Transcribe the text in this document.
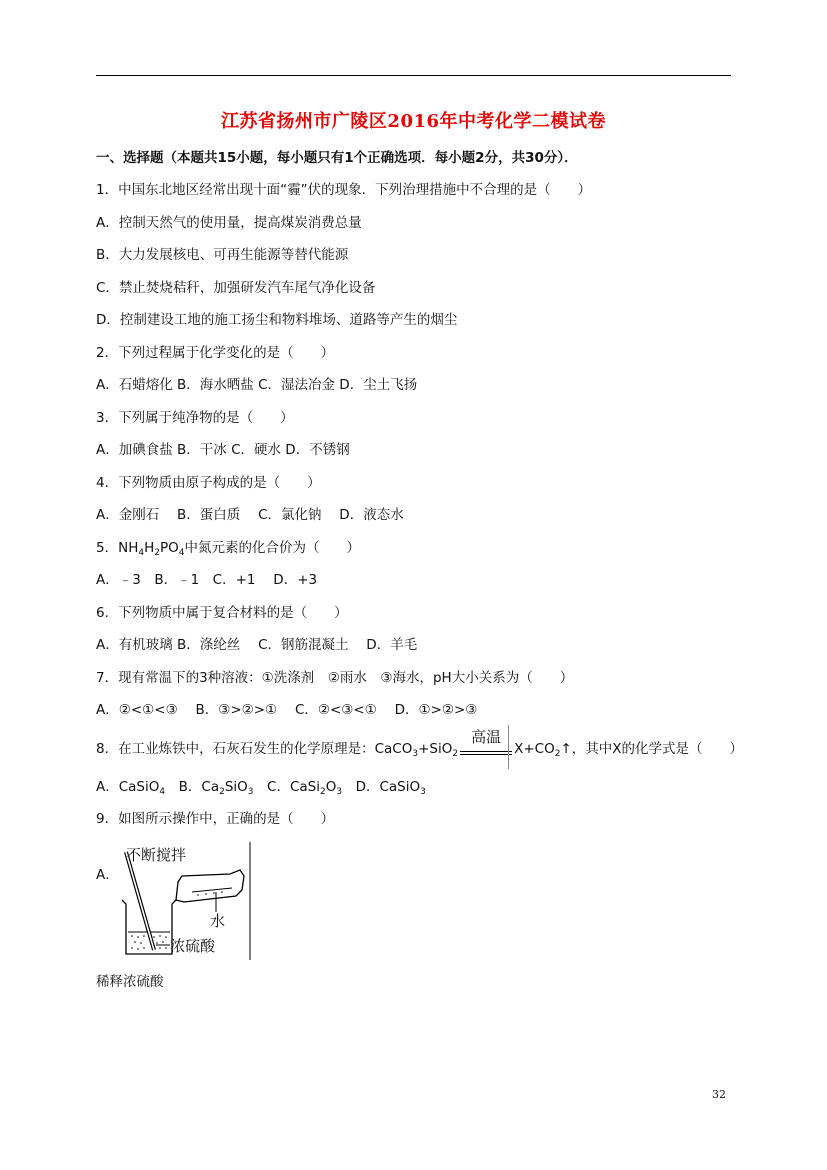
江苏省扬州市广陵区2016年中考化学二模试卷
一、选择题（本题共15小题，每小题只有1个正确选项．每小题2分，共30分）．
1．中国东北地区经常出现十面“霾”伏的现象．下列治理措施中不合理的是（　　）
A．控制天然气的使用量，提高煤炭消费总量
B．大力发展核电、可再生能源等替代能源
C．禁止焚烧秸秆，加强研发汽车尾气净化设备
D．控制建设工地的施工扬尘和物料堆场、道路等产生的烟尘
2．下列过程属于化学变化的是（　　）
A．石蜡熔化 B．海水晒盐 C．湿法冶金 D．尘土飞扬
3．下列属于纯净物的是（　　）
A．加碘食盐 B．干冰 C．硬水 D．不锈钢
4．下列物质由原子构成的是（　　）
A．金刚石　 B．蛋白质　 C．氯化钠　 D．液态水
5．$NH_4H_2PO_4$中氮元素的化合价为（　　）
A．﹣3　B．﹣1　C．+1　 D．+3
6．下列物质中属于复合材料的是（　　）
A．有机玻璃 B．涤纶丝　 C．钢筋混凝土　 D．羊毛
7．现有常温下的3种溶液：①洗涤剂　②雨水　③海水，pH大小关系为（　　）
A．②<①<③　 B．③>②>①　 C．②<③<①　 D．①>②>③
8．在工业炼铁中，石灰石发生的化学原理是：CaCO$_3$+SiO$_2$
高温
$X+CO_2↑$，其中X的化学式是（　　）
A．CaSiO$_4$　B．$Ca_2SiO_3$　C．$CaSi_2O_3$　D．CaSiO$_3$
9．如图所示操作中，正确的是（　　）
A．
不断搅拌
水
浓硫酸
稀释浓硫酸
32
